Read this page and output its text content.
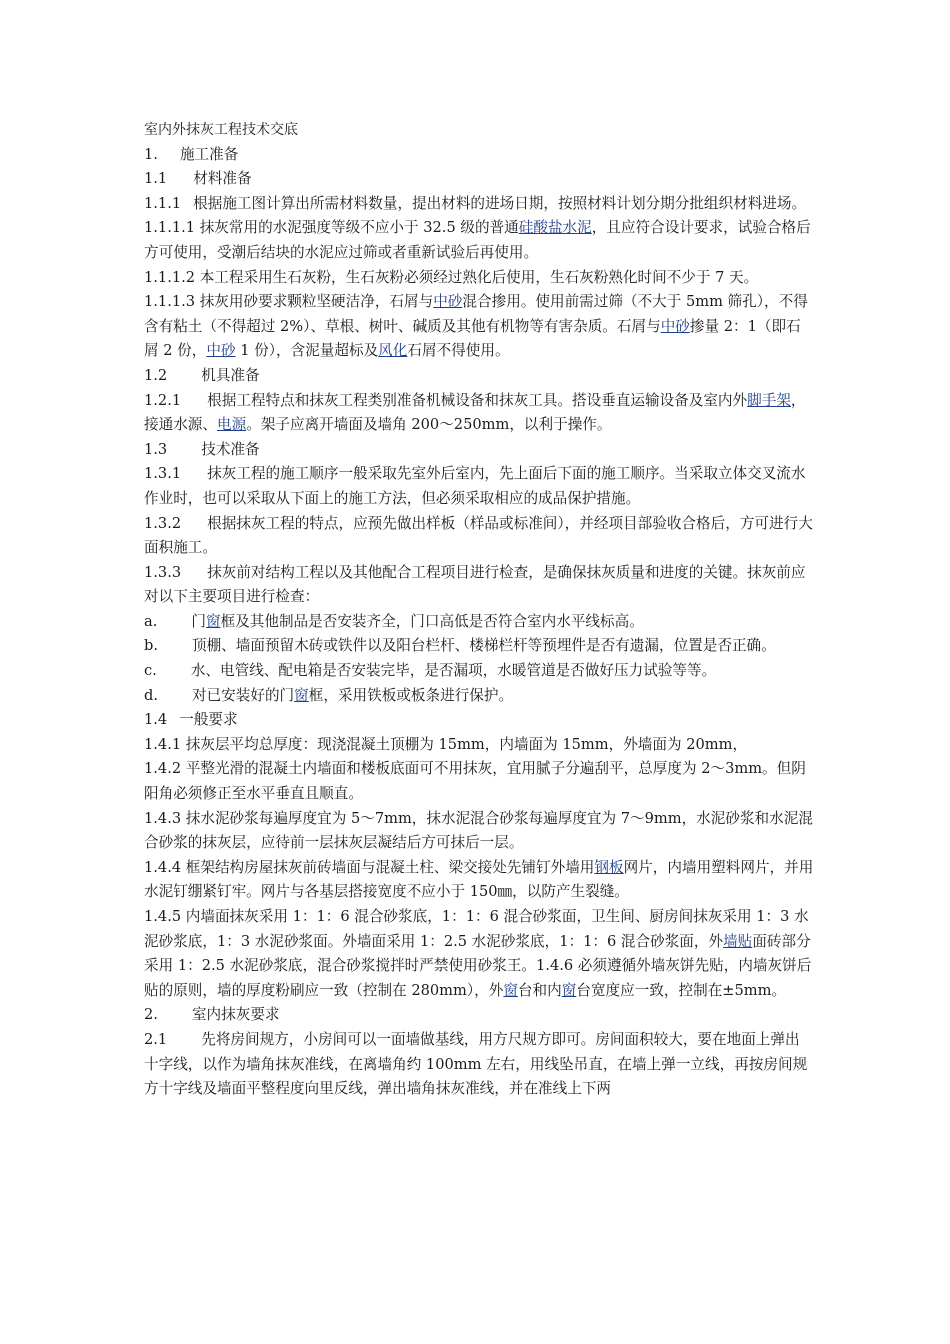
室内外抹灰工程技术交底

1. 施工准备

1.1 材料准备

1.1.1 根据施工图计算出所需材料数量，提出材料的进场日期，按照材料计划分期分批组织材料进场。

1.1.1.1 抹灰常用的水泥强度等级不应小于 32.5 级的普通硅酸盐水泥，且应符合设计要求，试验合格后方可使用，受潮后结块的水泥应过筛或者重新试验后再使用。

1.1.1.2 本工程采用生石灰粉，生石灰粉必须经过熟化后使用，生石灰粉熟化时间不少于 7 天。

1.1.1.3 抹灰用砂要求颗粒坚硬洁净，石屑与中砂混合掺用。使用前需过筛（不大于 5mm 筛孔），不得含有粘土（不得超过 2%）、草根、树叶、碱质及其他有机物等有害杂质。石屑与中砂掺量 2：1（即石屑 2 份，中砂 1 份），含泥量超标及风化石屑不得使用。

1.2 机具准备

1.2.1 根据工程特点和抹灰工程类别准备机械设备和抹灰工具。搭设垂直运输设备及室内外脚手架，接通水源、电源。架子应离开墙面及墙角 200～250mm，以利于操作。

1.3 技术准备

1.3.1 抹灰工程的施工顺序一般采取先室外后室内，先上面后下面的施工顺序。当采取立体交叉流水作业时，也可以采取从下面上的施工方法，但必须采取相应的成品保护措施。

1.3.2 根据抹灰工程的特点，应预先做出样板（样品或标准间），并经项目部验收合格后，方可进行大面积施工。

1.3.3 抹灰前对结构工程以及其他配合工程项目进行检查，是确保抹灰质量和进度的关键。抹灰前应对以下主要项目进行检查：

a. 门窗框及其他制品是否安装齐全，门口高低是否符合室内水平线标高。

b. 顶棚、墙面预留木砖或铁件以及阳台栏杆、楼梯栏杆等预埋件是否有遗漏，位置是否正确。

c. 水、电管线、配电箱是否安装完毕，是否漏项，水暖管道是否做好压力试验等等。

d. 对已安装好的门窗框，采用铁板或板条进行保护。

1.4 一般要求

1.4.1 抹灰层平均总厚度：现浇混凝土顶棚为 15mm，内墙面为 15mm，外墙面为 20mm，

1.4.2 平整光滑的混凝土内墙面和楼板底面可不用抹灰，宜用腻子分遍刮平，总厚度为 2～3mm。但阴阳角必须修正至水平垂直且顺直。

1.4.3 抹水泥砂浆每遍厚度宜为 5～7mm，抹水泥混合砂浆每遍厚度宜为 7～9mm，水泥砂浆和水泥混合砂浆的抹灰层，应待前一层抹灰层凝结后方可抹后一层。

1.4.4 框架结构房屋抹灰前砖墙面与混凝土柱、梁交接处先铺钉外墙用钢板网片，内墙用塑料网片，并用水泥钉绷紧钉牢。网片与各基层搭接宽度不应小于 150㎜，以防产生裂缝。

1.4.5 内墙面抹灰采用 1：1：6 混合砂浆底，1：1：6 混合砂浆面，卫生间、厨房间抹灰采用 1：3 水泥砂浆底，1：3 水泥砂浆面。外墙面采用 1：2.5 水泥砂浆底，1：1：6 混合砂浆面，外墙贴面砖部分采用 1：2.5 水泥砂浆底，混合砂浆搅拌时严禁使用砂浆王。1.4.6 必须遵循外墙灰饼先贴，内墙灰饼后贴的原则，墙的厚度粉刷应一致（控制在 280mm），外窗台和内窗台宽度应一致，控制在±5mm。

2. 室内抹灰要求

2.1 先将房间规方，小房间可以一面墙做基线，用方尺规方即可。房间面积较大，要在地面上弹出十字线，以作为墙角抹灰准线，在离墙角约 100mm 左右，用线坠吊直，在墙上弹一立线，再按房间规方十字线及墙面平整程度向里反线，弹出墙角抹灰准线，并在准线上下两
